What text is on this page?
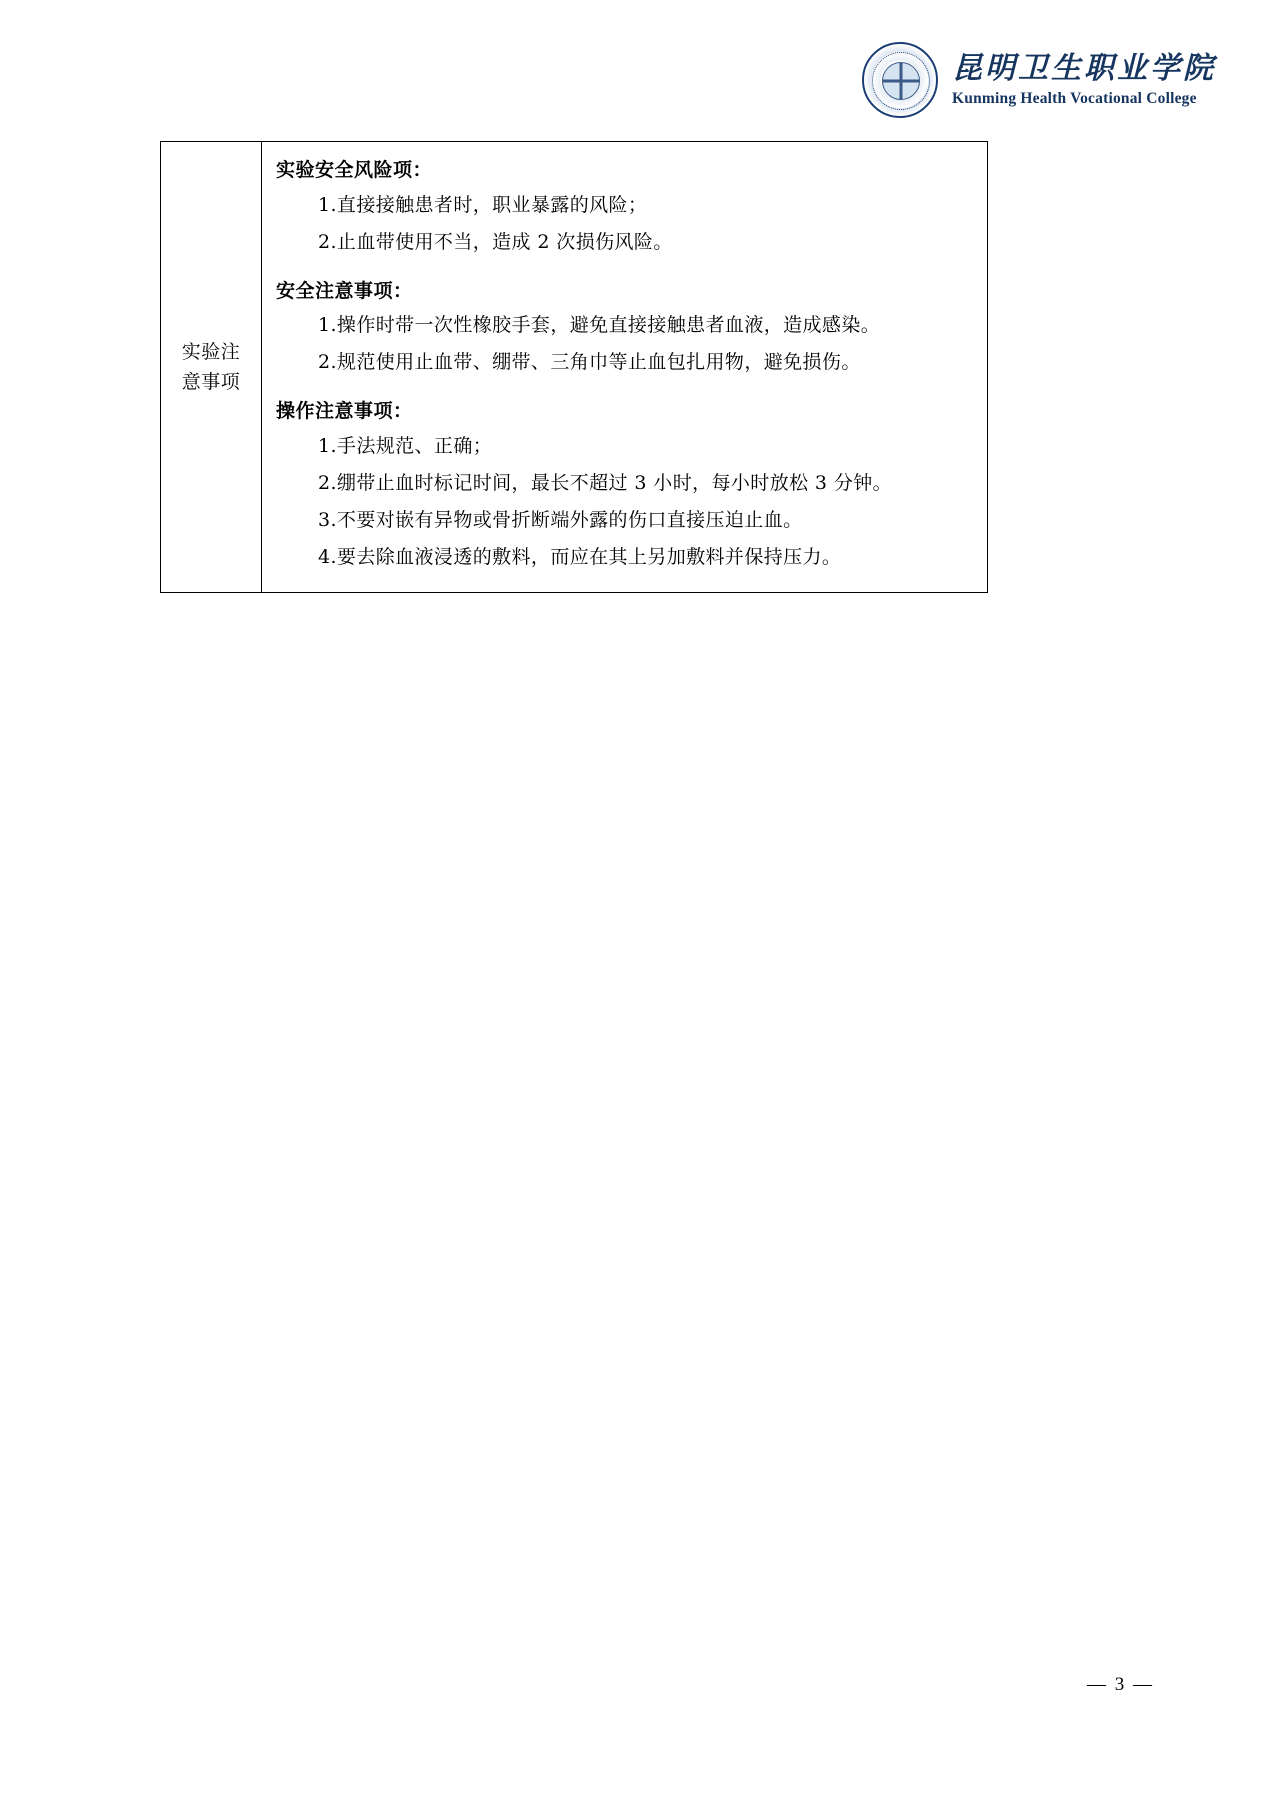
昆明卫生职业学院
Kunming Health Vocational College
实验注
意事项

实验安全风险项：
1.直接接触患者时，职业暴露的风险；
2.止血带使用不当，造成 2 次损伤风险。
安全注意事项：
1.操作时带一次性橡胶手套，避免直接接触患者血液，造成感染。
2.规范使用止血带、绷带、三角巾等止血包扎用物，避免损伤。
操作注意事项：
1.手法规范、正确；
2.绷带止血时标记时间，最长不超过 3 小时，每小时放松 3 分钟。
3.不要对嵌有异物或骨折断端外露的伤口直接压迫止血。
4.要去除血液浸透的敷料，而应在其上另加敷料并保持压力。
— 3 —
